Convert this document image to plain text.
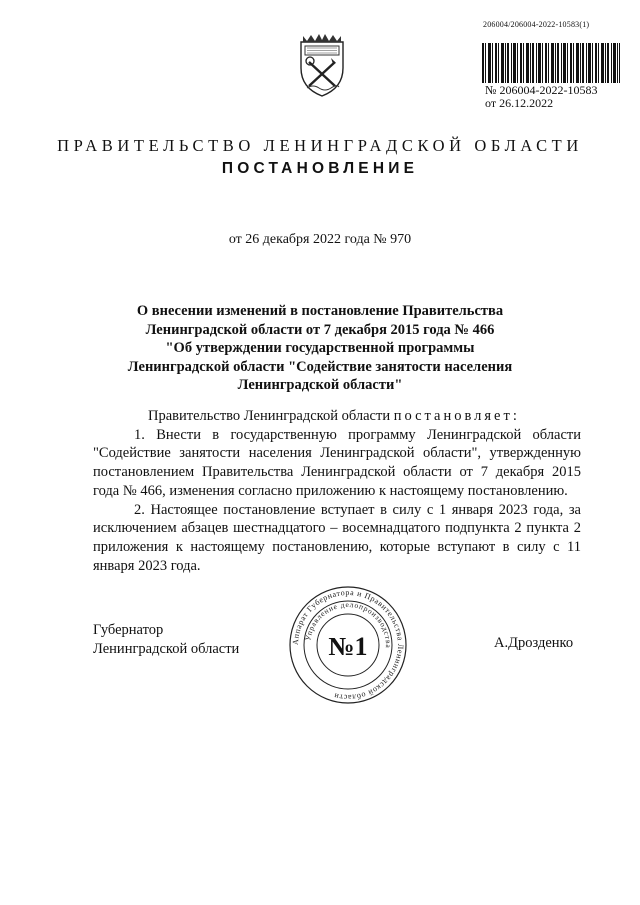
206004/206004-2022-10583(1)
№ 206004-2022-10583
от 26.12.2022
ПРАВИТЕЛЬСТВО ЛЕНИНГРАДСКОЙ ОБЛАСТИ
ПОСТАНОВЛЕНИЕ
от 26 декабря 2022 года № 970
О внесении изменений в постановление Правительства
Ленинградской области от 7 декабря 2015 года № 466
"Об утверждении государственной программы
Ленинградской области "Содействие занятости населения
Ленинградской области"

Правительство Ленинградской области постановляет:

1. Внести в государственную программу Ленинградской области "Содействие занятости населения Ленинградской области", утвержденную постановлением Правительства Ленинградской области от 7 декабря 2015 года № 466, изменения согласно приложению к настоящему постановлению.

2. Настоящее постановление вступает в силу с 1 января 2023 года, за исключением абзацев шестнадцатого – восемнадцатого подпункта 2 пункта 2 приложения к настоящему постановлению, которые вступают в силу с 11 января 2023 года.

Губернатор
Ленинградской области	А.Дрозденко
Аппарат Губернатора и Правительства Ленинградской области
Управление делопроизводства
№1
